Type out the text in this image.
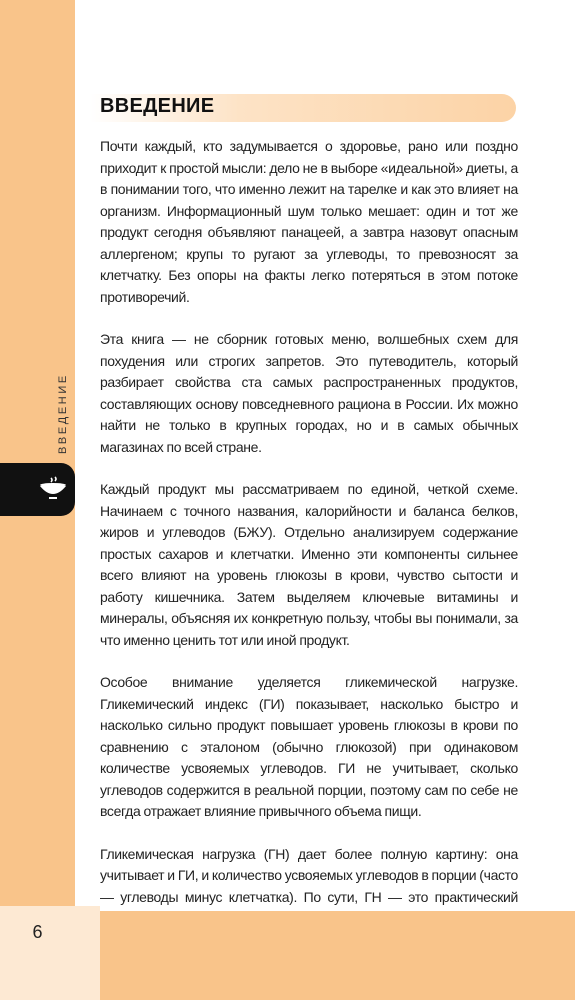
ВВЕДЕНИЕ
ВВЕДЕНИЕ

Почти каждый, кто задумывается о здоровье, рано или поздно приходит к простой мысли: дело не в выборе «идеальной» диеты, а в понимании того, что именно лежит на тарелке и как это влияет на организм. Информационный шум только мешает: один и тот же продукт сегодня объявляют панацеей, а завтра назовут опасным аллергеном; крупы то ругают за углеводы, то превозносят за клетчатку. Без опоры на факты легко потеряться в этом потоке противоречий.

Эта книга — не сборник готовых меню, волшебных схем для похудения или строгих запретов. Это путеводитель, который разбирает свойства ста самых распространенных продуктов, составляющих основу повседневного рациона в России. Их можно найти не только в крупных городах, но и в самых обычных магазинах по всей стране.

Каждый продукт мы рассматриваем по единой, четкой схеме. Начинаем с точного названия, калорийности и баланса белков, жиров и углеводов (БЖУ). Отдельно анализируем содержание простых сахаров и клетчатки. Именно эти компоненты сильнее всего влияют на уровень глюкозы в крови, чувство сытости и работу кишечника. Затем выделяем ключевые витамины и минералы, объясняя их конкретную пользу, чтобы вы понимали, за что именно ценить тот или иной продукт.

Особое внимание уделяется гликемической нагрузке. Гликемический индекс (ГИ) показывает, насколько быстро и насколько сильно продукт повышает уровень глюкозы в крови по сравнению с эталоном (обычно глюкозой) при одинаковом количестве усвояемых углеводов. ГИ не учитывает, сколько углеводов содержится в реальной порции, поэтому сам по себе не всегда отражает влияние привычного объема пищи.

Гликемическая нагрузка (ГН) дает более полную картину: она учитывает и ГИ, и количество усвояемых углеводов в порции (часто — углеводы минус клетчатка). По сути, ГН — это практический

6
